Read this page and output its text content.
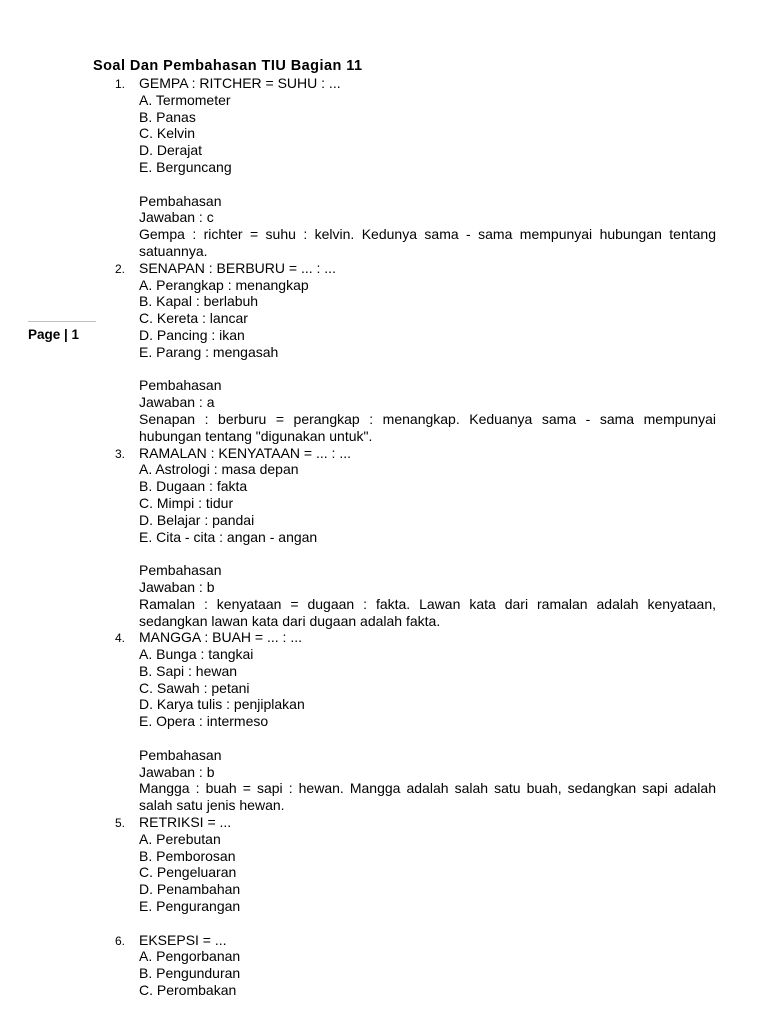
Page | 1
Soal Dan Pembahasan TIU Bagian 11
1. GEMPA : RITCHER = SUHU : ...
A. Termometer
B. Panas
C. Kelvin
D. Derajat
E. Berguncang
Pembahasan
Jawaban : c
Gempa : richter = suhu : kelvin. Kedunya sama - sama mempunyai hubungan tentang satuannya.
2. SENAPAN : BERBURU = ... : ...
A. Perangkap : menangkap
B. Kapal : berlabuh
C. Kereta : lancar
D. Pancing : ikan
E. Parang : mengasah
Pembahasan
Jawaban : a
Senapan : berburu = perangkap : menangkap. Keduanya sama - sama mempunyai hubungan tentang "digunakan untuk".
3. RAMALAN : KENYATAAN = ... : ...
A. Astrologi : masa depan
B. Dugaan : fakta
C. Mimpi : tidur
D. Belajar : pandai
E. Cita - cita : angan - angan
Pembahasan
Jawaban : b
Ramalan : kenyataan = dugaan : fakta. Lawan kata dari ramalan adalah kenyataan, sedangkan lawan kata dari dugaan adalah fakta.
4. MANGGA : BUAH = ... : ...
A. Bunga : tangkai
B. Sapi : hewan
C. Sawah : petani
D. Karya tulis : penjiplakan
E. Opera : intermeso
Pembahasan
Jawaban : b
Mangga : buah = sapi : hewan. Mangga adalah salah satu buah, sedangkan sapi adalah salah satu jenis hewan.
5. RETRIKSI = ...
A. Perebutan
B. Pemborosan
C. Pengeluaran
D. Penambahan
E. Pengurangan
6. EKSEPSI = ...
A. Pengorbanan
B. Pengunduran
C. Perombakan
